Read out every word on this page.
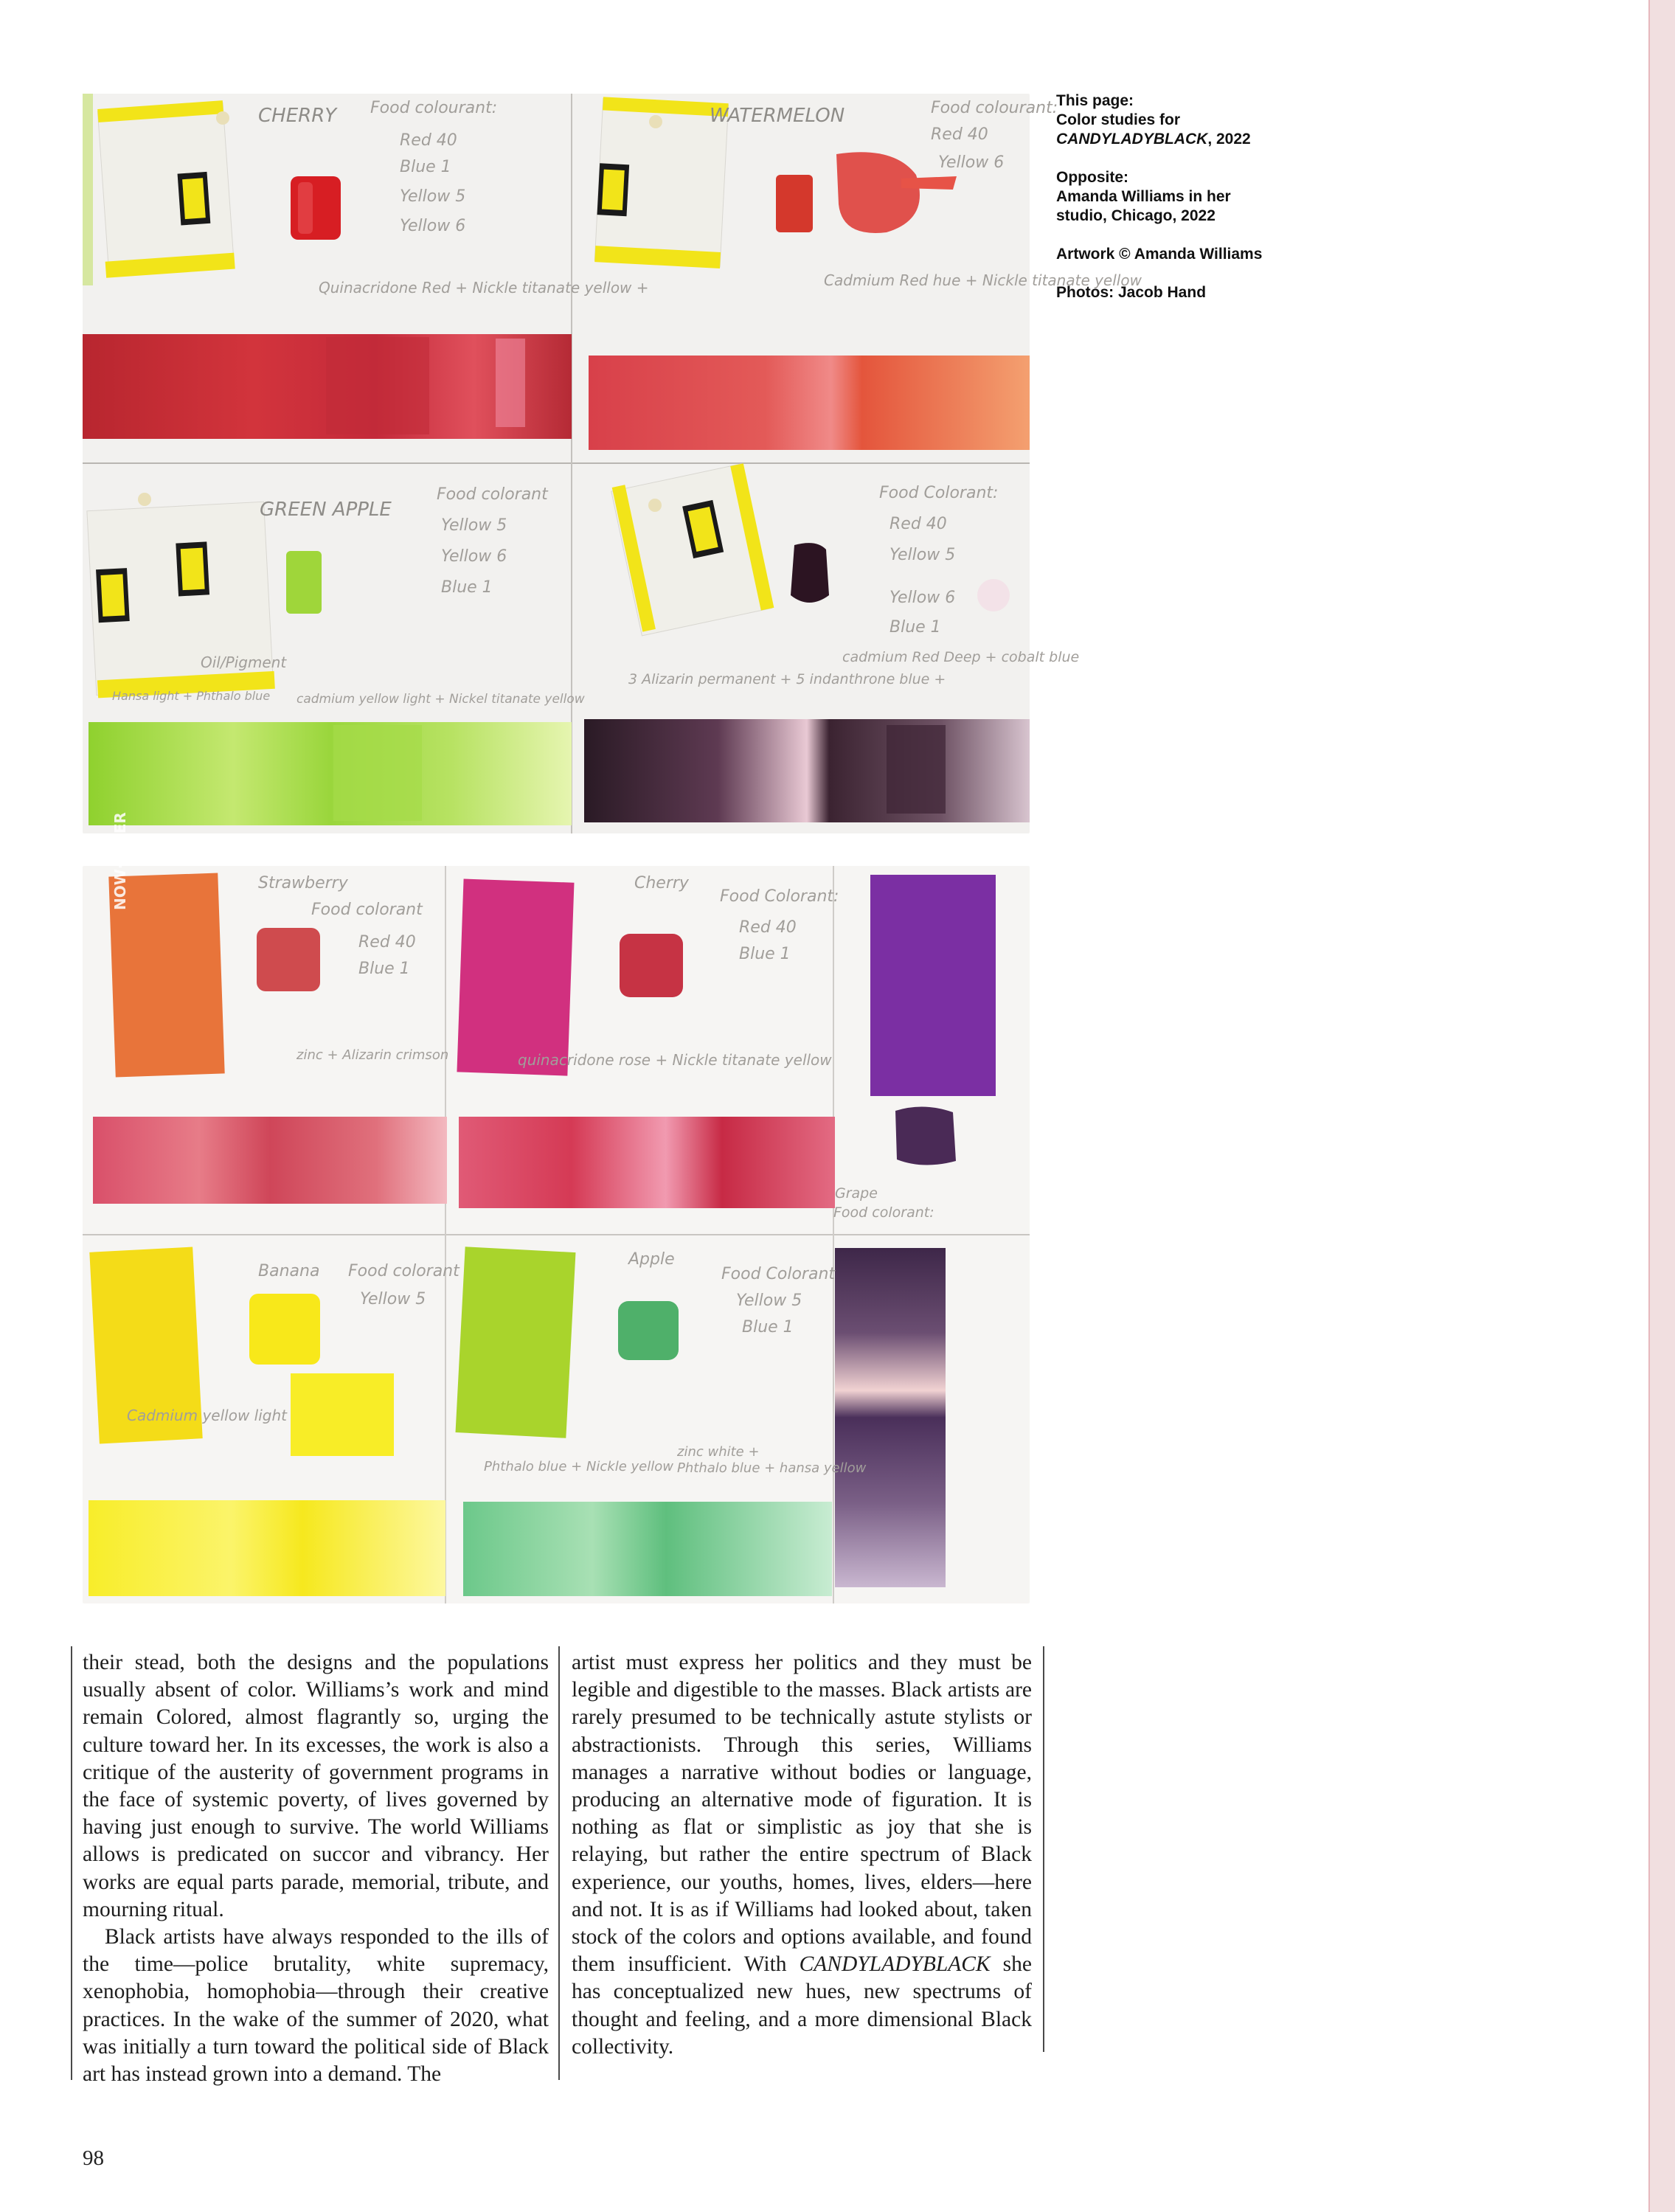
CHERRY	WATERMELON
GREEN APPLE
Food colourant:
Red 40
Blue 1
Yellow 5
Yellow 6
Food colourant:
Red 40
Yellow 6
Food colorant
Yellow 5
Yellow 6
Blue 1
Food Colorant:
Red 40
Yellow 5
Yellow 6
Blue 1
Quinacridone Red + Nickle titanate yellow +	Cadmium Red hue + Nickle titanate yellow
3 Alizarin permanent + 5 indanthrone blue +
cadmium Red Deep + cobalt blue
Oil/Pigment
Hansa light + Phthalo blue cadmium yellow light + Nickel titanate yellow
NOW·LATER	Strawberry
Food colorant
Red 40
Blue 1
Cherry
Food Colorant:
Red 40
Blue 1
Banana Food colorant
Yellow 5
Apple
Food Colorant
Yellow 5
Blue 1
Grape
Food colorant:
quinacridone rose + Nickle titanate yellow
zinc + Alizarin crimson
Cadmium yellow light
Phthalo blue + Nickle yellow
zinc white +
Phthalo blue + hansa yellow

This page:
Color studies for
CANDYLADYBLACK, 2022

Opposite:
Amanda Williams in her
studio, Chicago, 2022

Artwork © Amanda Williams

Photos: Jacob Hand

their stead, both the designs and the populations usually absent of color. Williams’s work and mind remain Colored, almost flagrantly so, urging the culture toward her. In its excesses, the work is also a critique of the austerity of government programs in the face of systemic poverty, of lives governed by having just enough to survive. The world Williams allows is predicated on succor and vibrancy. Her works are equal parts parade, memorial, tribute, and mourning ritual.

Black artists have always responded to the ills of the time—police brutality, white supremacy, xenophobia, homophobia—through their creative practices. In the wake of the summer of 2020, what was initially a turn toward the political side of Black art has instead grown into a demand. The

artist must express her politics and they must be legible and digestible to the masses. Black artists are rarely presumed to be technically astute stylists or abstractionists. Through this series, Williams manages a narrative without bodies or language, producing an alternative mode of figuration. It is nothing as flat or simplistic as joy that she is relaying, but rather the entire spectrum of Black experience, our youths, homes, lives, elders—here and not. It is as if Williams had looked about, taken stock of the colors and options available, and found them insufficient. With CANDYLADYBLACK she has conceptualized new hues, new spectrums of thought and feeling, and a more dimensional Black collectivity.

98
